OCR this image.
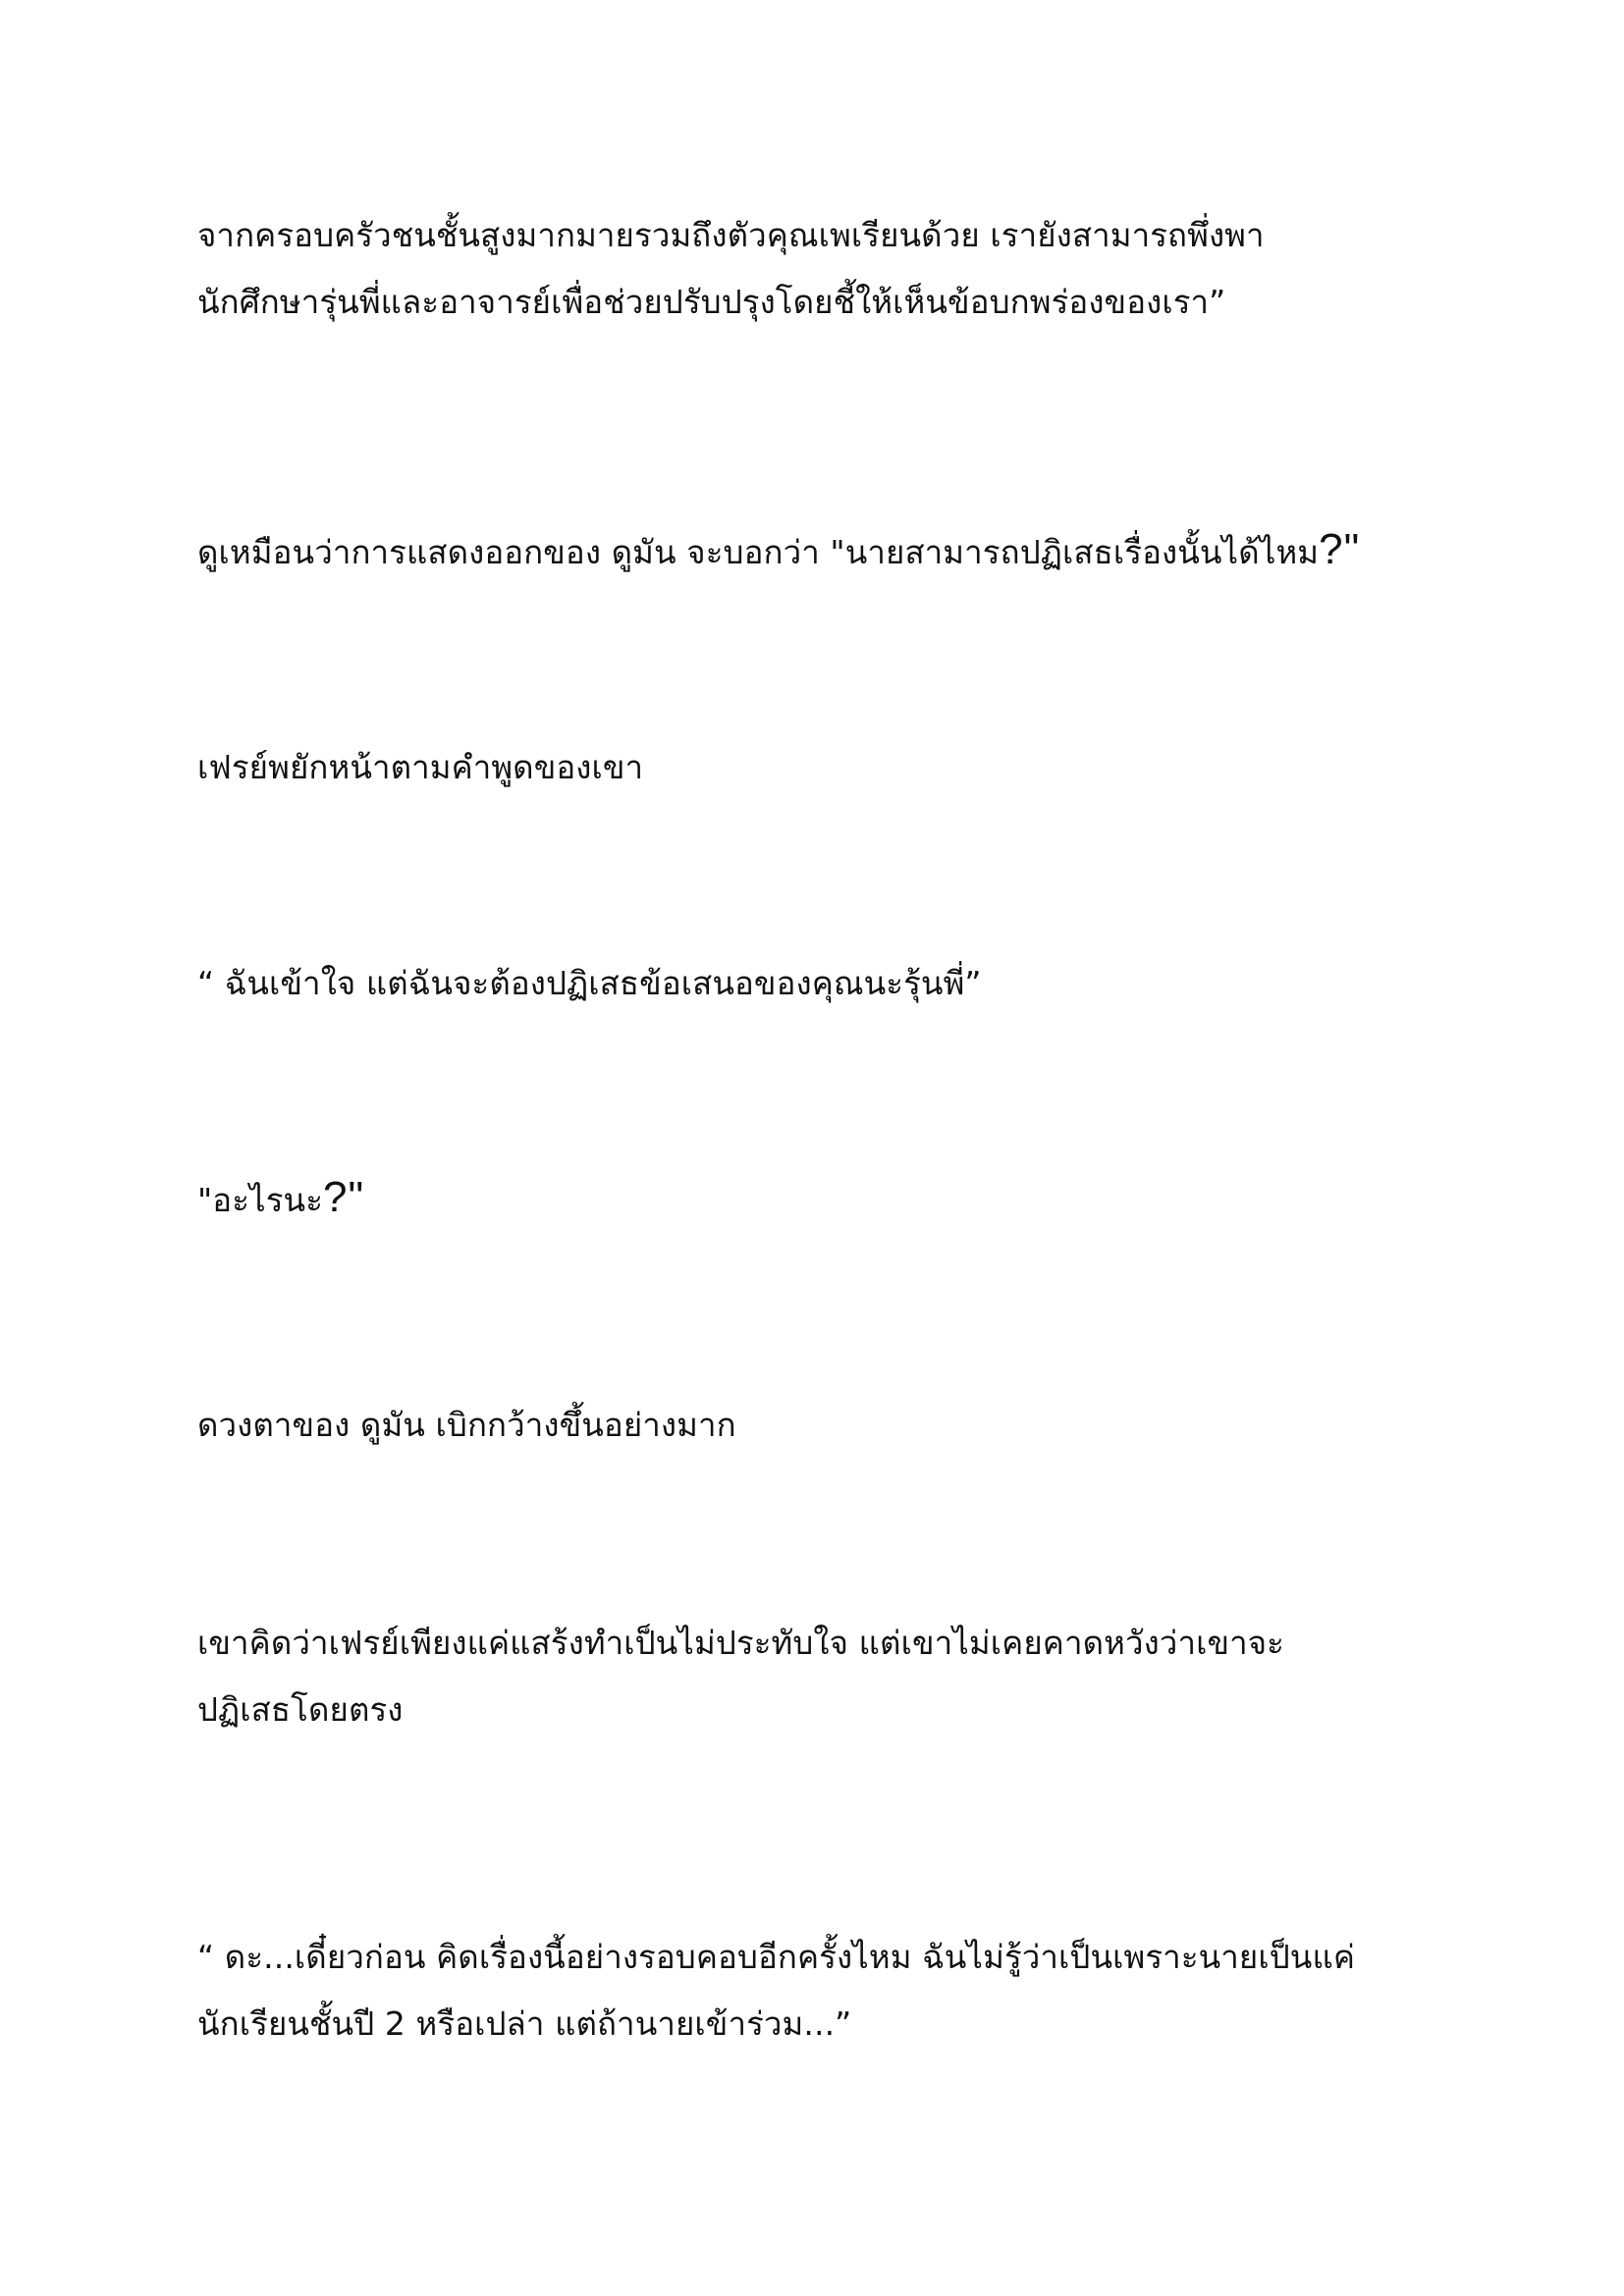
จากครอบครัวชนชั้นสูงมากมายรวมถึงตัวคุณเพเรียนด้วย เรายังสามารถพึ่งพา
นักศึกษารุ่นพี่และอาจารย์เพื่อช่วยปรับปรุงโดยชี้ให้เห็นข้อบกพร่องของเรา”

ดูเหมือนว่าการแสดงออกของ ดูมัน จะบอกว่า "นายสามารถปฏิเสธเรื่องนั้นได้ไหม?"

เฟรย์พยักหน้าตามคำพูดของเขา

“ ฉันเข้าใจ แต่ฉันจะต้องปฏิเสธข้อเสนอของคุณนะรุ้นพี่”

"อะไรนะ?"

ดวงตาของ ดูมัน เบิกกว้างขึ้นอย่างมาก

เขาคิดว่าเฟรย์เพียงแค่แสร้งทำเป็นไม่ประทับใจ แต่เขาไม่เคยคาดหวังว่าเขาจะ
ปฏิเสธโดยตรง

“ ดะ...เดี๋ยวก่อน คิดเรื่องนี้อย่างรอบคอบอีกครั้งไหม ฉันไม่รู้ว่าเป็นเพราะนายเป็นแค่
นักเรียนชั้นปี 2 หรือเปล่า แต่ถ้านายเข้าร่วม...”
